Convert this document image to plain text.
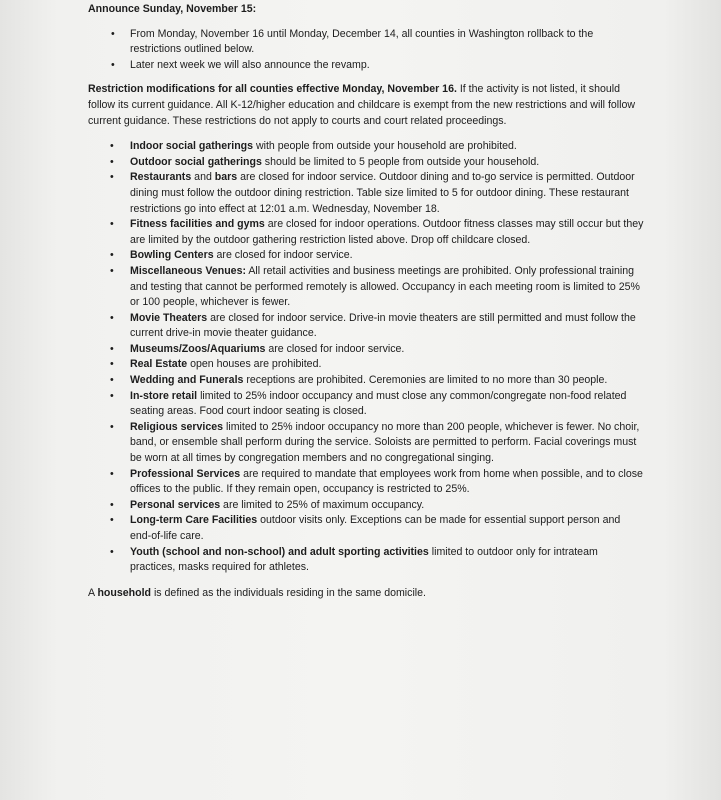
Announce Sunday, November 15:
• From Monday, November 16 until Monday, December 14, all counties in Washington rollback to the restrictions outlined below.
• Later next week we will also announce the revamp.

Restriction modifications for all counties effective Monday, November 16. If the activity is not listed, it should follow its current guidance. All K-12/higher education and childcare is exempt from the new restrictions and will follow current guidance. These restrictions do not apply to courts and court related proceedings.

• Indoor social gatherings with people from outside your household are prohibited.
• Outdoor social gatherings should be limited to 5 people from outside your household.
• Restaurants and bars are closed for indoor service. Outdoor dining and to-go service is permitted. Outdoor dining must follow the outdoor dining restriction. Table size limited to 5 for outdoor dining. These restaurant restrictions go into effect at 12:01 a.m. Wednesday, November 18.
• Fitness facilities and gyms are closed for indoor operations. Outdoor fitness classes may still occur but they are limited by the outdoor gathering restriction listed above. Drop off childcare closed.
• Bowling Centers are closed for indoor service.
• Miscellaneous Venues: All retail activities and business meetings are prohibited. Only professional training and testing that cannot be performed remotely is allowed. Occupancy in each meeting room is limited to 25% or 100 people, whichever is fewer.
• Movie Theaters are closed for indoor service. Drive-in movie theaters are still permitted and must follow the current drive-in movie theater guidance.
• Museums/Zoos/Aquariums are closed for indoor service.
• Real Estate open houses are prohibited.
• Wedding and Funerals receptions are prohibited. Ceremonies are limited to no more than 30 people.
• In-store retail limited to 25% indoor occupancy and must close any common/congregate non-food related seating areas. Food court indoor seating is closed.
• Religious services limited to 25% indoor occupancy no more than 200 people, whichever is fewer. No choir, band, or ensemble shall perform during the service. Soloists are permitted to perform. Facial coverings must be worn at all times by congregation members and no congregational singing.
• Professional Services are required to mandate that employees work from home when possible, and to close offices to the public. If they remain open, occupancy is restricted to 25%.
• Personal services are limited to 25% of maximum occupancy.
• Long-term Care Facilities outdoor visits only. Exceptions can be made for essential support person and end-of-life care.
• Youth (school and non-school) and adult sporting activities limited to outdoor only for intrateam practices, masks required for athletes.

A household is defined as the individuals residing in the same domicile.
